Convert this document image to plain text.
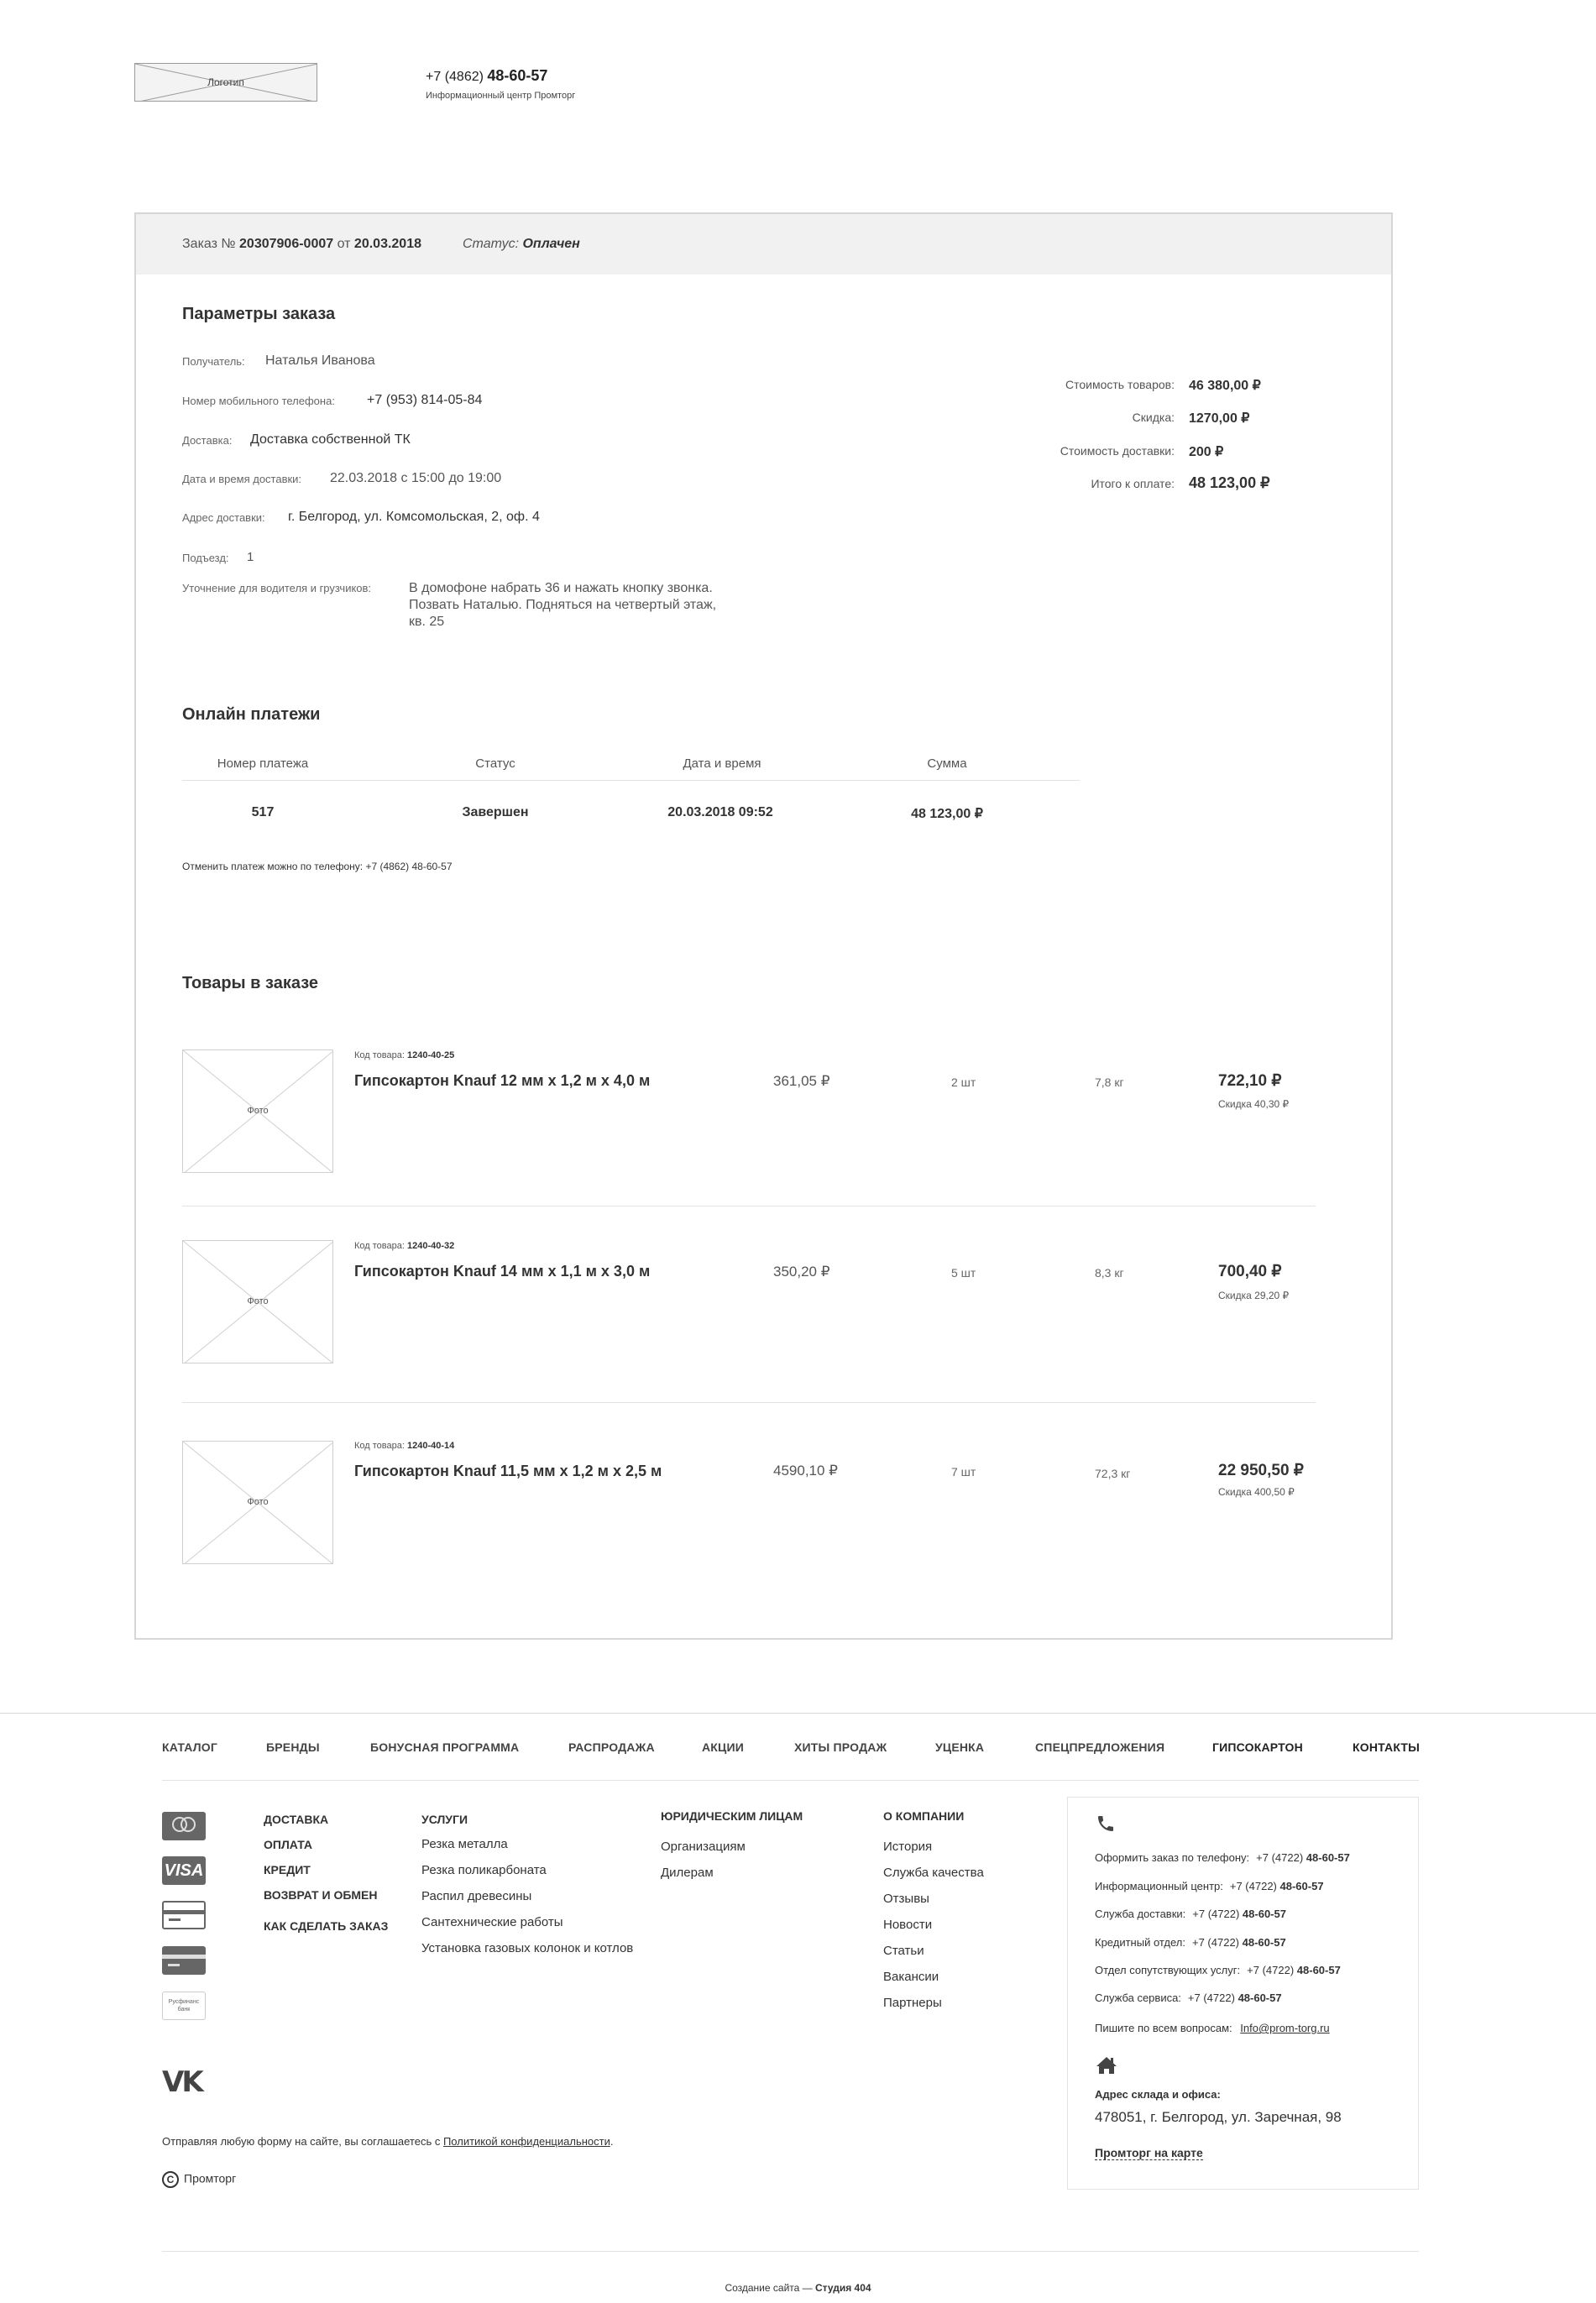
Логотип	+7 (4862) 48-60-57
Информационный центр Промторг
Заказ № 20307906-0007 от 20.03.2018	Статус: Оплачен
Параметры заказа
Получатель: Наталья Иванова
Номер мобильного телефона: +7 (953) 814-05-84
Доставка: Доставка собственной ТК
Дата и время доставки: 22.03.2018 с 15:00 до 19:00
Адрес доставки: г. Белгород, ул. Комсомольская, 2, оф. 4
Подъезд: 1
Уточнение для водителя и грузчиков:	В домофоне набрать 36 и нажать кнопку звонка. Позвать Наталью. Подняться на четвертый этаж, кв. 25
Стоимость товаров: 46 380,00 ₽
Скидка: 1270,00 ₽
Стоимость доставки: 200 ₽
Итого к оплате: 48 123,00 ₽
Онлайн платежи
Номер платежа	Статус	Дата и время	Сумма
517	Завершен	20.03.2018 09:52	48 123,00 ₽
Отменить платеж можно по телефону: +7 (4862) 48-60-57
Товары в заказе
Фото
Код товара: 1240-40-25
Гипсокартон Knauf 12 мм x 1,2 м x 4,0 м	361,05 ₽	2 шт	7,8 кг	722,10 ₽
Скидка 40,30 ₽
Фото
Код товара: 1240-40-32
Гипсокартон Knauf 14 мм x 1,1 м x 3,0 м	350,20 ₽	5 шт	8,3 кг	700,40 ₽
Скидка 29,20 ₽
Фото
Код товара: 1240-40-14
Гипсокартон Knauf 11,5 мм x 1,2 м x 2,5 м	4590,10 ₽	7 шт	72,3 кг	22 950,50 ₽
Скидка 400,50 ₽
КАТАЛОГ	БРЕНДЫ	БОНУСНАЯ ПРОГРАММА	РАСПРОДАЖА	АКЦИИ	ХИТЫ ПРОДАЖ	УЦЕНКА	СПЕЦПРЕДЛОЖЕНИЯ	ГИПСОКАРТОН	КОНТАКТЫ
VISA
Русфинанс банк
ДОСТАВКА
ОПЛАТА
КРЕДИТ
ВОЗВРАТ И ОБМЕН
КАК СДЕЛАТЬ ЗАКАЗ
УСЛУГИ
Резка металла
Резка поликарбоната
Распил древесины
Сантехнические работы
Установка газовых колонок и котлов
ЮРИДИЧЕСКИМ ЛИЦАМ
Организациям
Дилерам
О КОМПАНИИ
История
Служба качества
Отзывы
Новости
Статьи
Вакансии
Партнеры
VK
Отправляя любую форму на сайте, вы соглашаетесь с Политикой конфиденциальности.
C Промторг
Оформить заказ по телефону: +7 (4722) 48-60-57
Информационный центр: +7 (4722) 48-60-57
Служба доставки: +7 (4722) 48-60-57
Кредитный отдел: +7 (4722) 48-60-57
Отдел сопутствующих услуг: +7 (4722) 48-60-57
Служба сервиса: +7 (4722) 48-60-57
Пишите по всем вопросам: Info@prom-torg.ru
Адрес склада и офиса:
478051, г. Белгород, ул. Заречная, 98
Промторг на карте
Создание сайта — Студия 404
